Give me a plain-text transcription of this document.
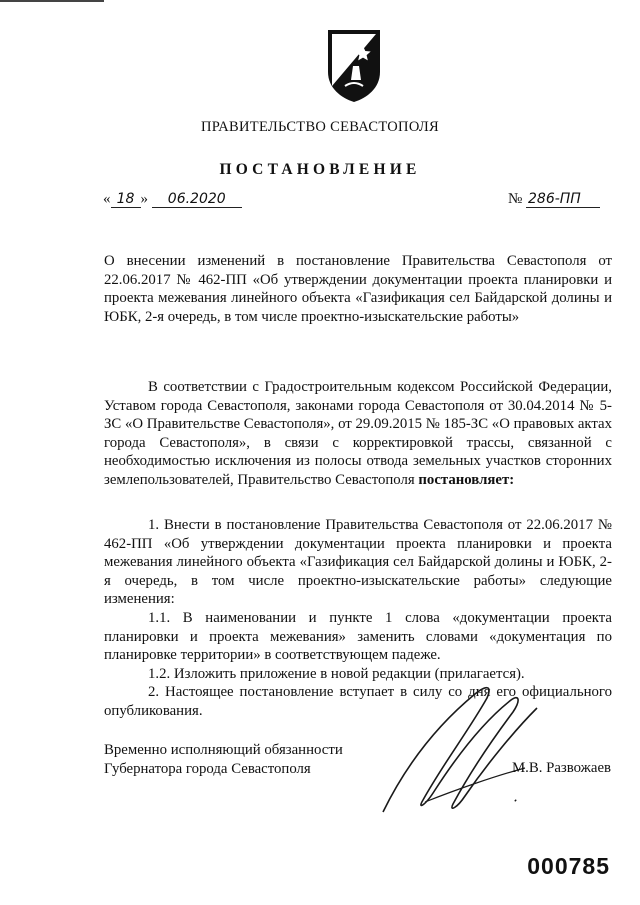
ПРАВИТЕЛЬСТВО СЕВАСТОПОЛЯ
ПОСТАНОВЛЕНИЕ
« 18 » 06.2020	№ 286-ПП
О внесении изменений в постановление Правительства Севастополя от 22.06.2017 № 462-ПП «Об утверждении документации проекта планировки и проекта межевания линейного объекта «Газификация сел Байдарской долины и ЮБК, 2-я очередь, в том числе проектно-изыскательские работы»

В соответствии с Градостроительным кодексом Российской Федерации, Уставом города Севастополя, законами города Севастополя от 30.04.2014 № 5-ЗС «О Правительстве Севастополя», от 29.09.2015 № 185-ЗС «О правовых актах города Севастополя», в связи с корректировкой трассы, связанной с необходимостью исключения из полосы отвода земельных участков сторонних землепользователей, Правительство Севастополя постановляет:

1. Внести в постановление Правительства Севастополя от 22.06.2017 № 462-ПП «Об утверждении документации проекта планировки и проекта межевания линейного объекта «Газификация сел Байдарской долины и ЮБК, 2-я очередь, в том числе проектно-изыскательские работы» следующие изменения:

1.1. В наименовании и пункте 1 слова «документации проекта планировки и проекта межевания» заменить словами «документация по планировке территории» в соответствующем падеже.

1.2. Изложить приложение в новой редакции (прилагается).

2. Настоящее постановление вступает в силу со дня его официального опубликования.

Временно исполняющий обязанности
Губернатора города Севастополя	М.В. Развожаев
000785
